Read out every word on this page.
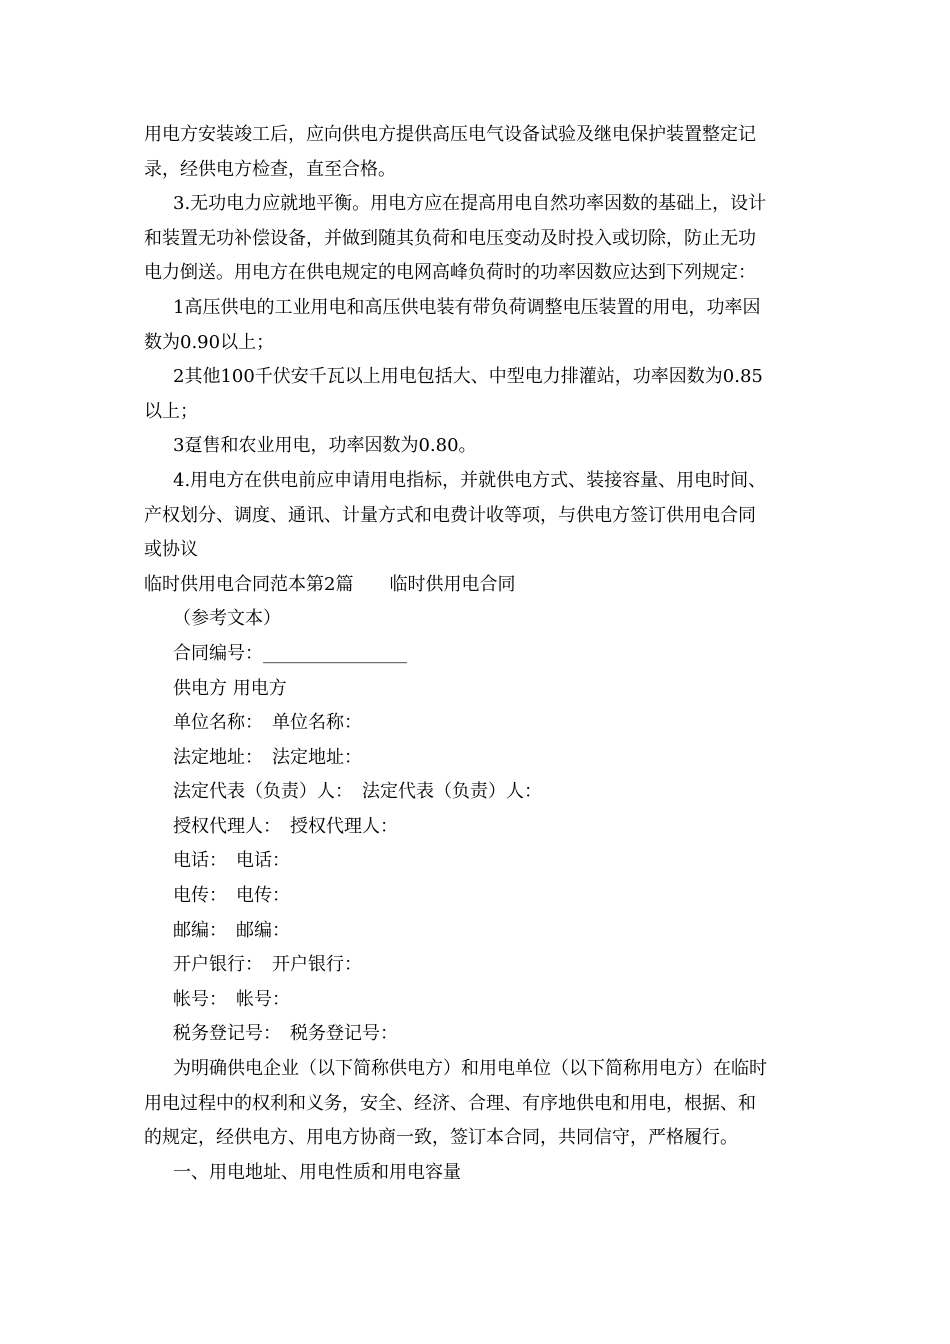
用电方安装竣工后，应向供电方提供高压电气设备试验及继电保护装置整定记
录，经供电方检查，直至合格。
3.无功电力应就地平衡。用电方应在提高用电自然功率因数的基础上，设计
和装置无功补偿设备，并做到随其负荷和电压变动及时投入或切除，防止无功
电力倒送。用电方在供电规定的电网高峰负荷时的功率因数应达到下列规定：
1高压供电的工业用电和高压供电装有带负荷调整电压装置的用电，功率因
数为0.90以上；
2其他100千伏安千瓦以上用电包括大、中型电力排灌站，功率因数为0.85
以上；
3趸售和农业用电，功率因数为0.80。
4.用电方在供电前应申请用电指标，并就供电方式、装接容量、用电时间、
产权划分、调度、通讯、计量方式和电费计收等项，与供电方签订供用电合同
或协议
临时供用电合同范本第2篇　　临时供用电合同
（参考文本）
合同编号：________________
供电方 用电方
单位名称：　单位名称：
法定地址：　法定地址：
法定代表（负责）人：　法定代表（负责）人：
授权代理人：　授权代理人：
电话：　电话：
电传：　电传：
邮编：　邮编：
开户银行：　开户银行：
帐号：　帐号：
税务登记号：　税务登记号：
为明确供电企业（以下简称供电方）和用电单位（以下简称用电方）在临时
用电过程中的权利和义务，安全、经济、合理、有序地供电和用电，根据、和
的规定，经供电方、用电方协商一致，签订本合同，共同信守，严格履行。
一、用电地址、用电性质和用电容量
